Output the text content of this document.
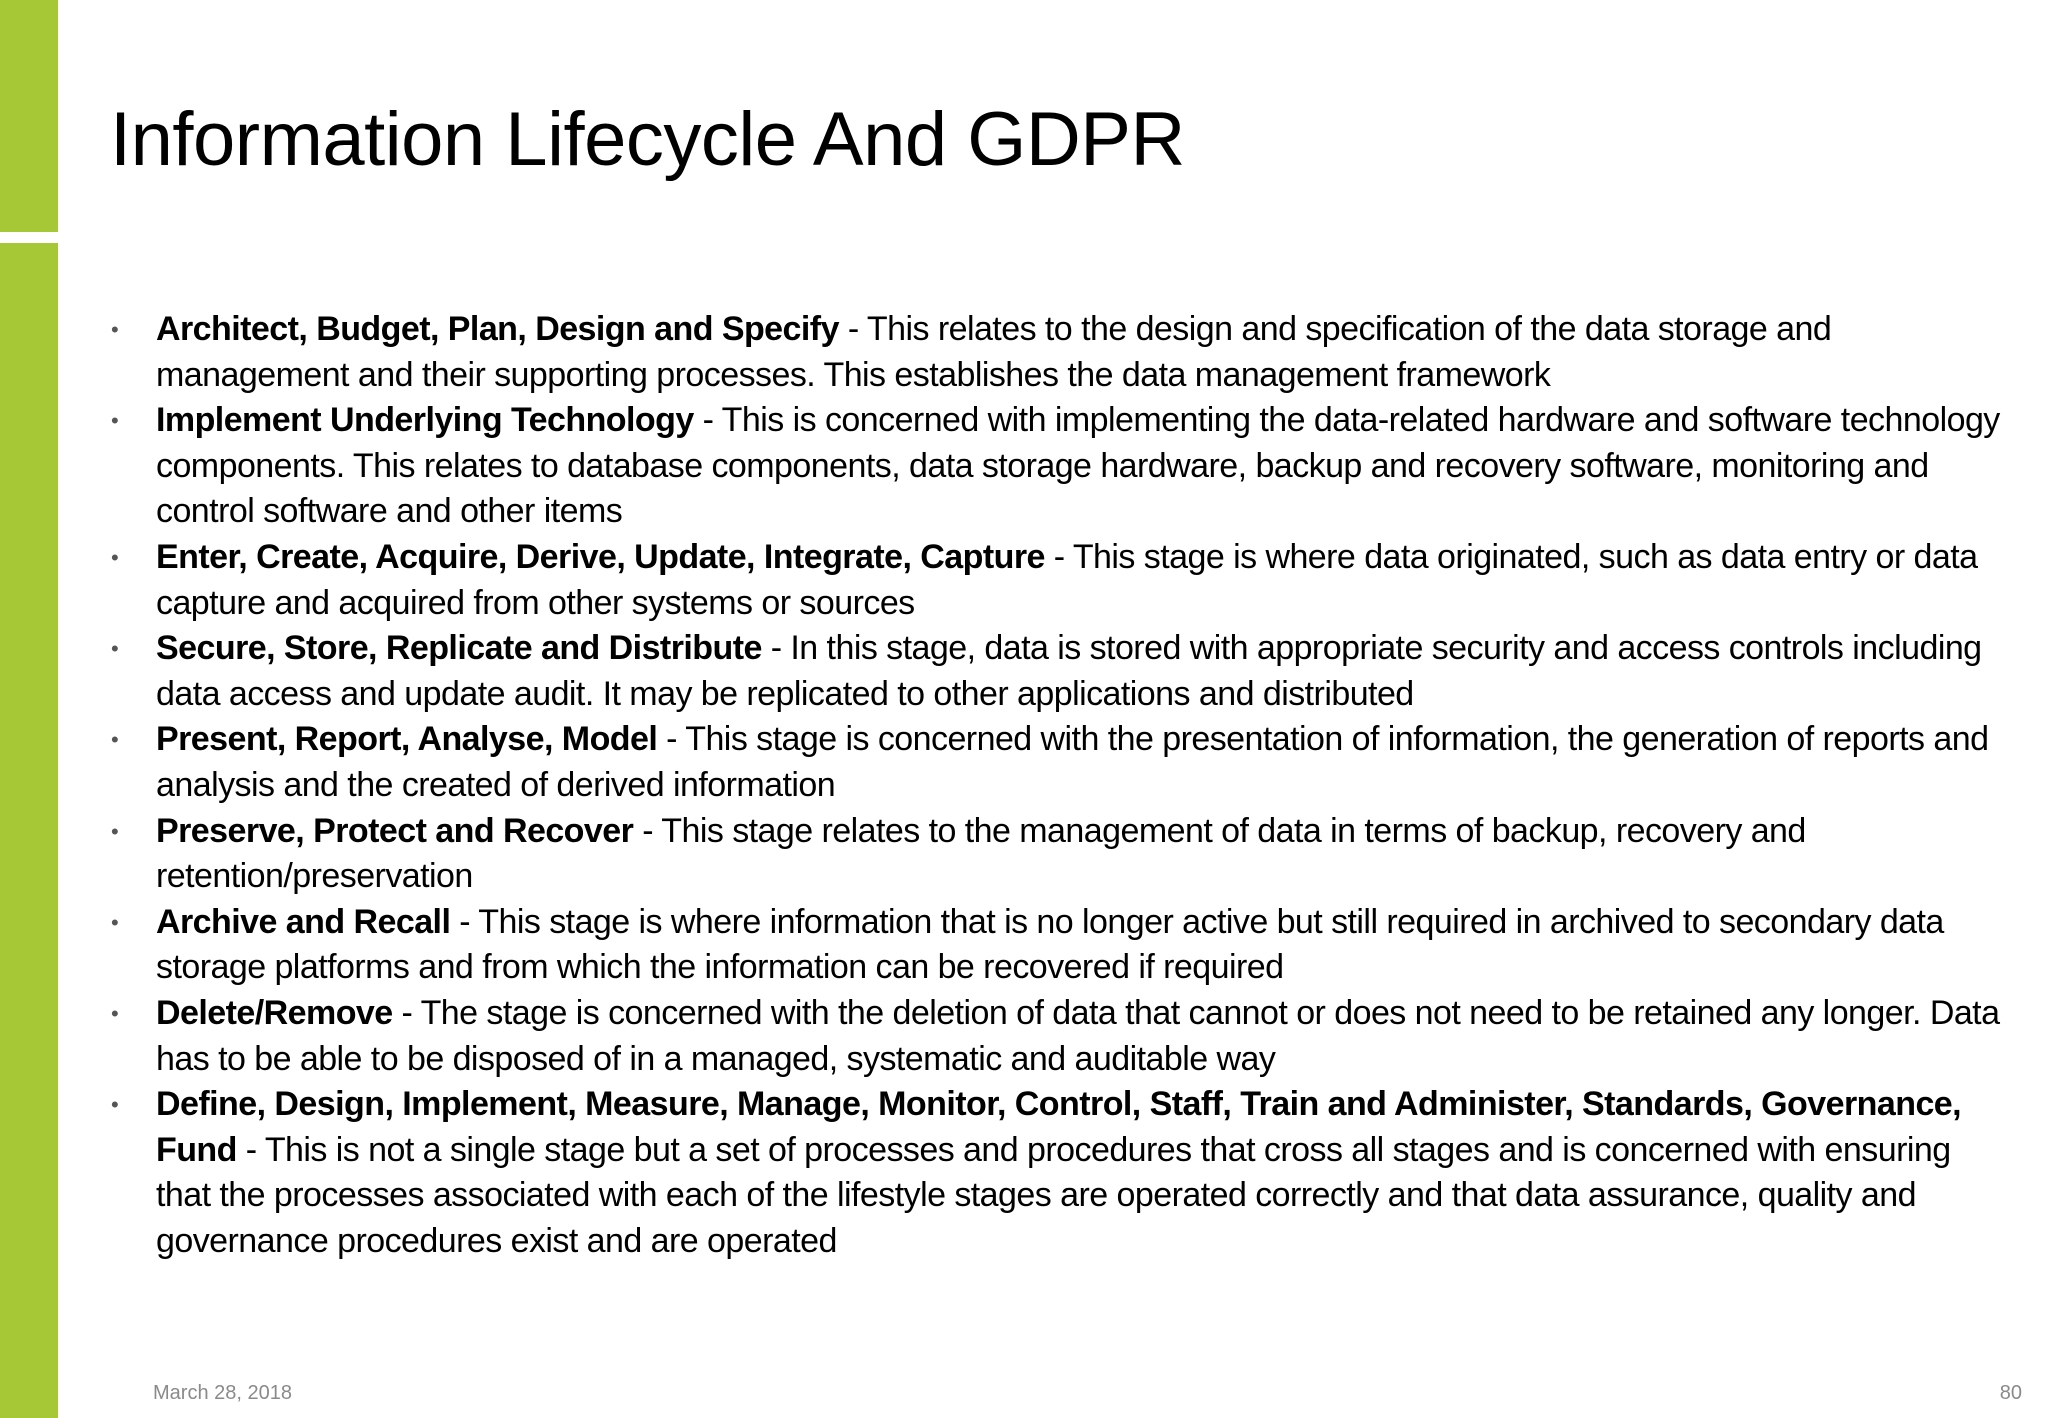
Information Lifecycle And GDPR
• Architect, Budget, Plan, Design and Specify - This relates to the design and specification of the data storage and management and their supporting processes. This establishes the data management framework
• Implement Underlying Technology - This is concerned with implementing the data-related hardware and software technology components. This relates to database components, data storage hardware, backup and recovery software, monitoring and control software and other items
• Enter, Create, Acquire, Derive, Update, Integrate, Capture - This stage is where data originated, such as data entry or data capture and acquired from other systems or sources
• Secure, Store, Replicate and Distribute - In this stage, data is stored with appropriate security and access controls including data access and update audit. It may be replicated to other applications and distributed
• Present, Report, Analyse, Model - This stage is concerned with the presentation of information, the generation of reports and analysis and the created of derived information
• Preserve, Protect and Recover - This stage relates to the management of data in terms of backup, recovery and retention/preservation
• Archive and Recall - This stage is where information that is no longer active but still required in archived to secondary data storage platforms and from which the information can be recovered if required
• Delete/Remove - The stage is concerned with the deletion of data that cannot or does not need to be retained any longer. Data has to be able to be disposed of in a managed, systematic and auditable way
• Define, Design, Implement, Measure, Manage, Monitor, Control, Staff, Train and Administer, Standards, Governance, Fund - This is not a single stage but a set of processes and procedures that cross all stages and is concerned with ensuring that the processes associated with each of the lifestyle stages are operated correctly and that data assurance, quality and governance procedures exist and are operated
March 28, 2018	80
